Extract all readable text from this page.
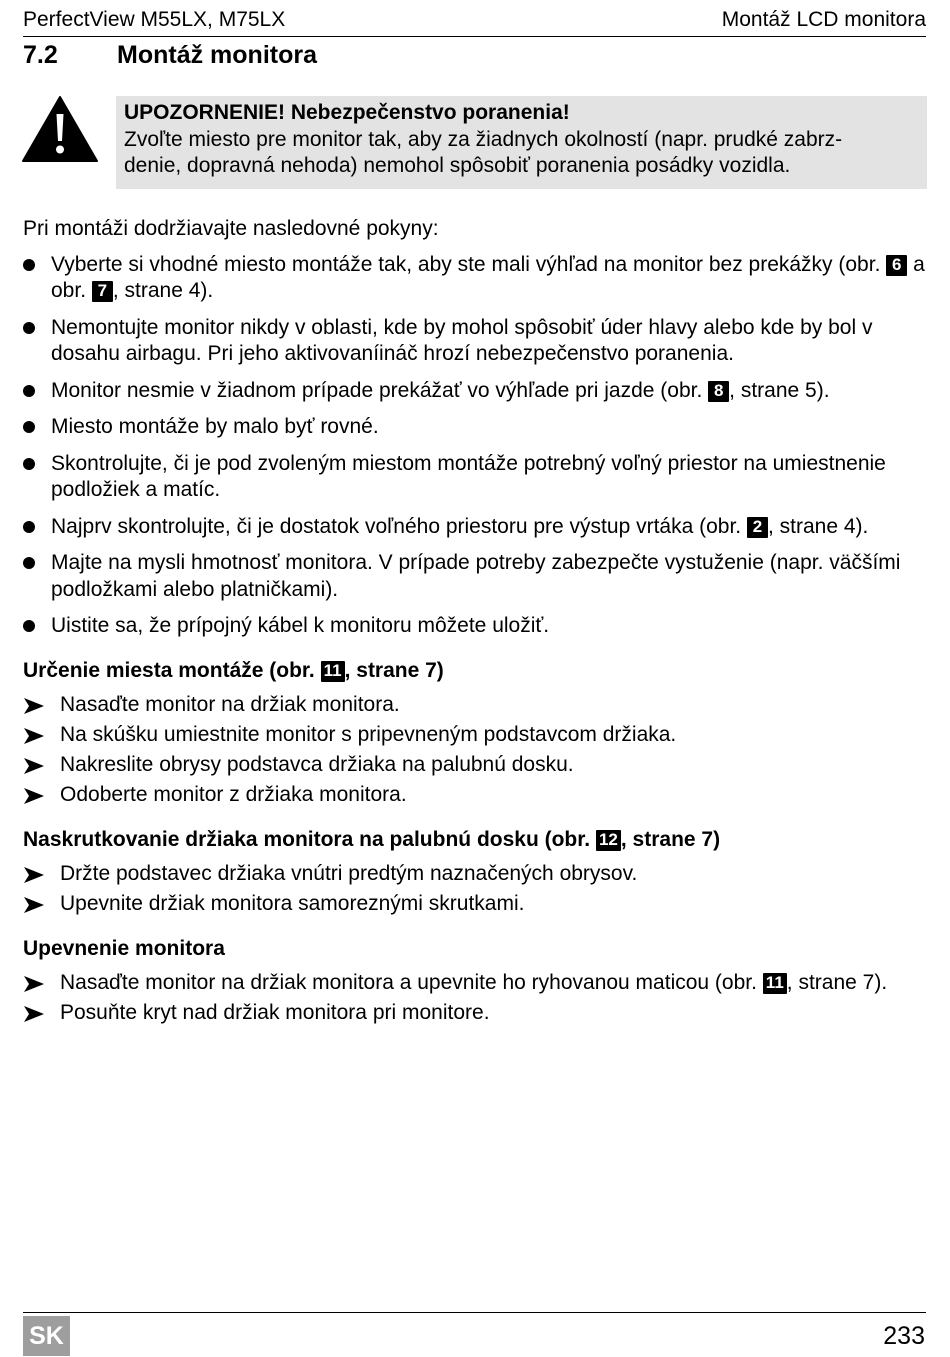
PerfectView M55LX, M75LX	Montáž LCD monitora
7.2 Montáž monitora
UPOZORNENIE! Nebezpečenstvo poranenia!
Zvoľte miesto pre monitor tak, aby za žiadnych okolností (napr. prudké zabrz-
denie, dopravná nehoda) nemohol spôsobiť poranenia posádky vozidla.

Pri montáži dodržiavajte nasledovné pokyny:

Vyberte si vhodné miesto montáže tak, aby ste mali výhľad na monitor bez prekážky (obr. 6 a obr. 7 , strane 4).
Nemontujte monitor nikdy v oblasti, kde by mohol spôsobiť úder hlavy alebo kde by bol v dosahu airbagu. Pri jeho aktivovaníináč hrozí nebezpečenstvo poranenia.
Monitor nesmie v žiadnom prípade prekážať vo výhľade pri jazde (obr. 8 , strane 5).
Miesto montáže by malo byť rovné.
Skontrolujte, či je pod zvoleným miestom montáže potrebný voľný priestor na umiestnenie podložiek a matíc.
Najprv skontrolujte, či je dostatok voľného priestoru pre výstup vrtáka (obr. 2 , strane 4).
Majte na mysli hmotnosť monitora. V prípade potreby zabezpečte vystuženie (napr. väčšími podložkami alebo platničkami).
Uistite sa, že prípojný kábel k monitoru môžete uložiť.
Určenie miesta montáže (obr. 11 , strane 7)
Nasaďte monitor na držiak monitora.
Na skúšku umiestnite monitor s pripevneným podstavcom držiaka.
Nakreslite obrysy podstavca držiaka na palubnú dosku.
Odoberte monitor z držiaka monitora.
Naskrutkovanie držiaka monitora na palubnú dosku (obr. 12 , strane 7)
Držte podstavec držiaka vnútri predtým naznačených obrysov.
Upevnite držiak monitora samoreznými skrutkami.
Upevnenie monitora
Nasaďte monitor na držiak monitora a upevnite ho ryhovanou maticou (obr. 11 , strane 7).
Posuňte kryt nad držiak monitora pri monitore.
SK	233
